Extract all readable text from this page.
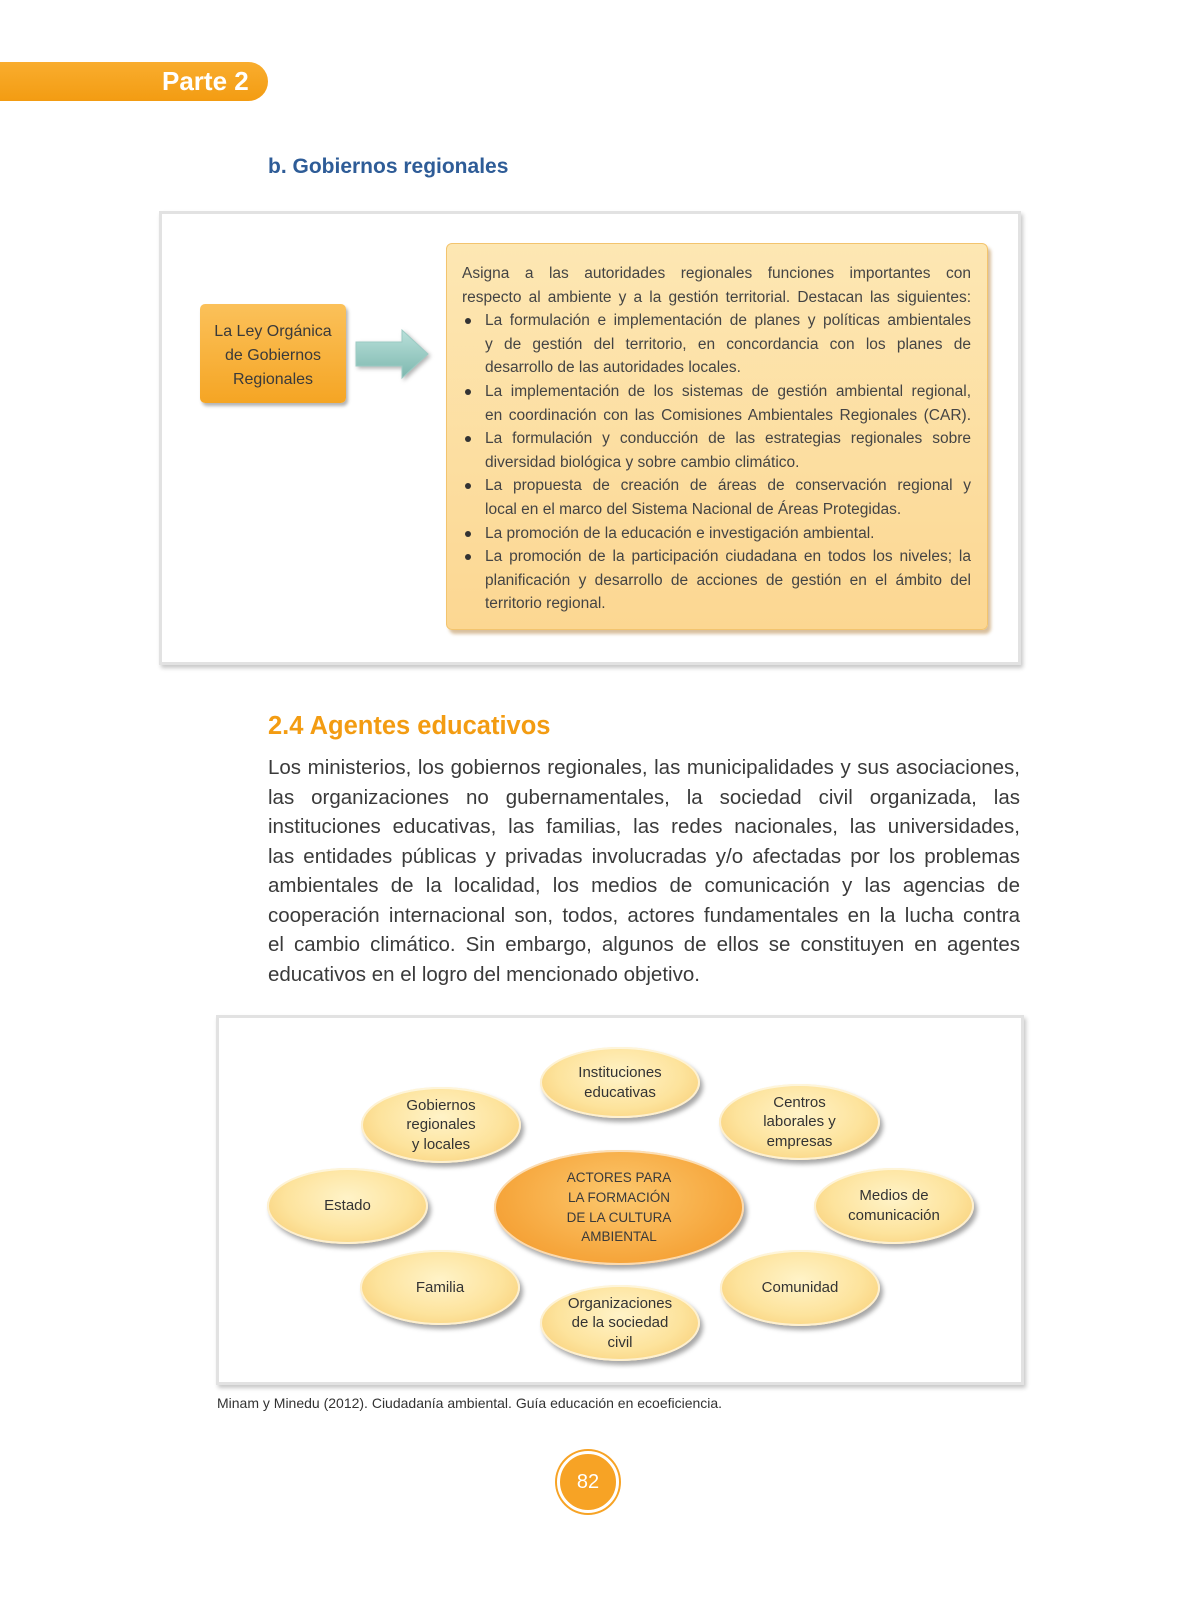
Parte 2
b. Gobiernos regionales
La Ley Orgánica
de Gobiernos
Regionales
Asigna a las autoridades regionales funciones importantes con
respecto al ambiente y a la gestión territorial. Destacan las siguientes:
La formulación e implementación de planes y políticas ambientales
y de gestión del territorio, en concordancia con los planes de
desarrollo de las autoridades locales.
La implementación de los sistemas de gestión ambiental regional,
en coordinación con las Comisiones Ambientales Regionales (CAR).
La formulación y conducción de las estrategias regionales sobre
diversidad biológica y sobre cambio climático.
La propuesta de creación de áreas de conservación regional y
local en el marco del Sistema Nacional de Áreas Protegidas.
La promoción de la educación e investigación ambiental.
La promoción de la participación ciudadana en todos los niveles; la
planificación y desarrollo de acciones de gestión en el ámbito del
territorio regional.
2.4 Agentes educativos
Los ministerios, los gobiernos regionales, las municipalidades y sus asociaciones,
las organizaciones no gubernamentales, la sociedad civil organizada, las
instituciones educativas, las familias, las redes nacionales, las universidades,
las entidades públicas y privadas involucradas y/o afectadas por los problemas
ambientales de la localidad, los medios de comunicación y las agencias de
cooperación internacional son, todos, actores fundamentales en la lucha contra
el cambio climático. Sin embargo, algunos de ellos se constituyen en agentes
educativos en el logro del mencionado objetivo.
ACTORES PARA
LA FORMACIÓN
DE LA CULTURA
AMBIENTAL
Instituciones
educativas
Gobiernos
regionales
y locales
Centros
laborales y
empresas
Estado
Medios de
comunicación
Familia	Comunidad
Organizaciones
de la sociedad
civil
Minam y Minedu (2012). Ciudadanía ambiental. Guía educación en ecoeficiencia.
82
